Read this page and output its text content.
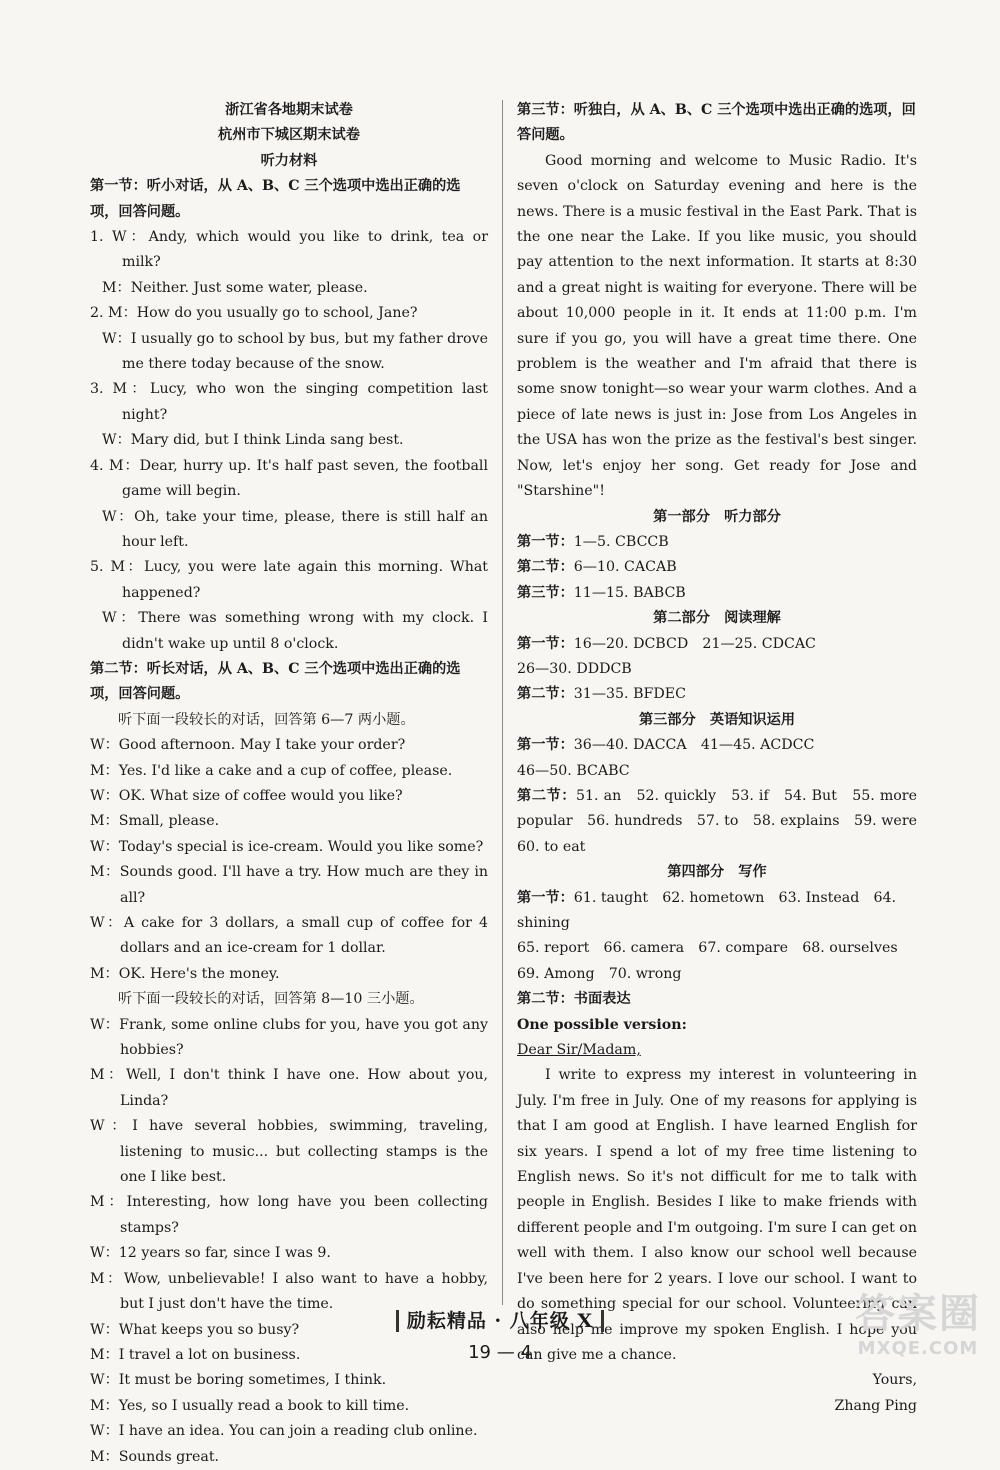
浙江省各地期末试卷
杭州市下城区期末试卷
听力材料
第一节：听小对话，从 A、B、C 三个选项中选出正确的选项，回答问题。
1. W：Andy, which would you like to drink, tea or milk?
M：Neither. Just some water, please.
2. M：How do you usually go to school, Jane?
W：I usually go to school by bus, but my father drove me there today because of the snow.
3. M：Lucy, who won the singing competition last night?
W：Mary did, but I think Linda sang best.
4. M：Dear, hurry up. It's half past seven, the football game will begin.
W：Oh, take your time, please, there is still half an hour left.
5. M：Lucy, you were late again this morning. What happened?
W：There was something wrong with my clock. I didn't wake up until 8 o'clock.
第二节：听长对话，从 A、B、C 三个选项中选出正确的选项，回答问题。
听下面一段较长的对话，回答第 6—7 两小题。
W：Good afternoon. May I take your order?
M：Yes. I'd like a cake and a cup of coffee, please.
W：OK. What size of coffee would you like?
M：Small, please.
W：Today's special is ice-cream. Would you like some?
M：Sounds good. I'll have a try. How much are they in all?
W：A cake for 3 dollars, a small cup of coffee for 4 dollars and an ice-cream for 1 dollar.
M：OK. Here's the money.
听下面一段较长的对话，回答第 8—10 三小题。
W：Frank, some online clubs for you, have you got any hobbies?
M：Well, I don't think I have one. How about you, Linda?
W：I have several hobbies, swimming, traveling, listening to music... but collecting stamps is the one I like best.
M：Interesting, how long have you been collecting stamps?
W：12 years so far, since I was 9.
M：Wow, unbelievable! I also want to have a hobby, but I just don't have the time.
W：What keeps you so busy?
M：I travel a lot on business.
W：It must be boring sometimes, I think.
M：Yes, so I usually read a book to kill time.
W：I have an idea. You can join a reading club online.
M：Sounds great.
第三节：听独白，从 A、B、C 三个选项中选出正确的选项，回答问题。
Good morning and welcome to Music Radio. It's seven o'clock on Saturday evening and here is the news. There is a music festival in the East Park. That is the one near the Lake. If you like music, you should pay attention to the next information. It starts at 8:30 and a great night is waiting for everyone. There will be about 10,000 people in it. It ends at 11:00 p.m. I'm sure if you go, you will have a great time there. One problem is the weather and I'm afraid that there is some snow tonight—so wear your warm clothes. And a piece of late news is just in: Jose from Los Angeles in the USA has won the prize as the festival's best singer. Now, let's enjoy her song. Get ready for Jose and "Starshine"!
第一部分　听力部分
第一节：1—5. CBCCB
第二节：6—10. CACAB
第三节：11—15. BABCB
第二部分　阅读理解
第一节：16—20. DCBCD　21—25. CDCAC
26—30. DDDCB
第二节：31—35. BFDEC
第三部分　英语知识运用
第一节：36—40. DACCA　41—45. ACDCC
46—50. BCABC
第二节：51. an　52. quickly　53. if　54. But　55. more popular　56. hundreds　57. to　58. explains　59. were　60. to eat
第四部分　写作
第一节：61. taught　62. hometown　63. Instead　64. shining
65. report　66. camera　67. compare　68. ourselves
69. Among　70. wrong
第二节：书面表达
One possible version:
Dear Sir/Madam,
I write to express my interest in volunteering in July. I'm free in July. One of my reasons for applying is that I am good at English. I have learned English for six years. I spend a lot of my free time listening to English news. So it's not difficult for me to talk with people in English. Besides I like to make friends with different people and I'm outgoing. I'm sure I can get on well with them. I also know our school well because I've been here for 2 years. I love our school. I want to do something special for our school. Volunteering can also help me improve my spoken English. I hope you can give me a chance.
Yours,
Zhang Ping
励耘精品 · 八年级 X
19 — 4
答案圈
MXQE.COM
